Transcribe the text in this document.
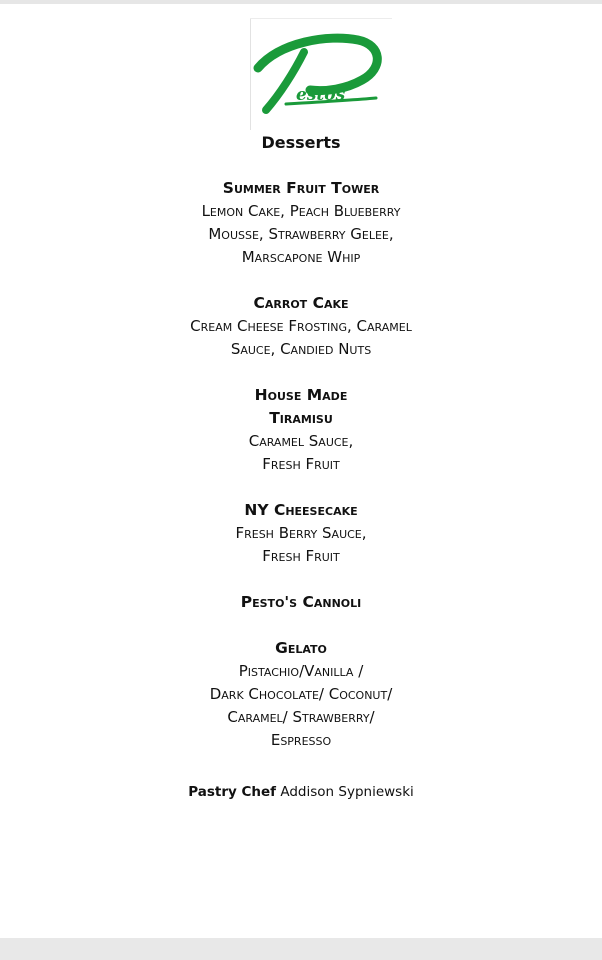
estos
Desserts
Summer Fruit Tower
Lemon Cake, Peach Blueberry
Mousse, Strawberry Gelee,
Marscapone Whip
Carrot Cake
Cream Cheese Frosting, Caramel
Sauce, Candied Nuts
House Made
Tiramisu
Caramel Sauce,
Fresh Fruit
NY Cheesecake
Fresh Berry Sauce,
Fresh Fruit
Pesto's Cannoli
Gelato
Pistachio/Vanilla /
Dark Chocolate/ Coconut/
Caramel/ Strawberry/
Espresso
Pastry Chef Addison Sypniewski
